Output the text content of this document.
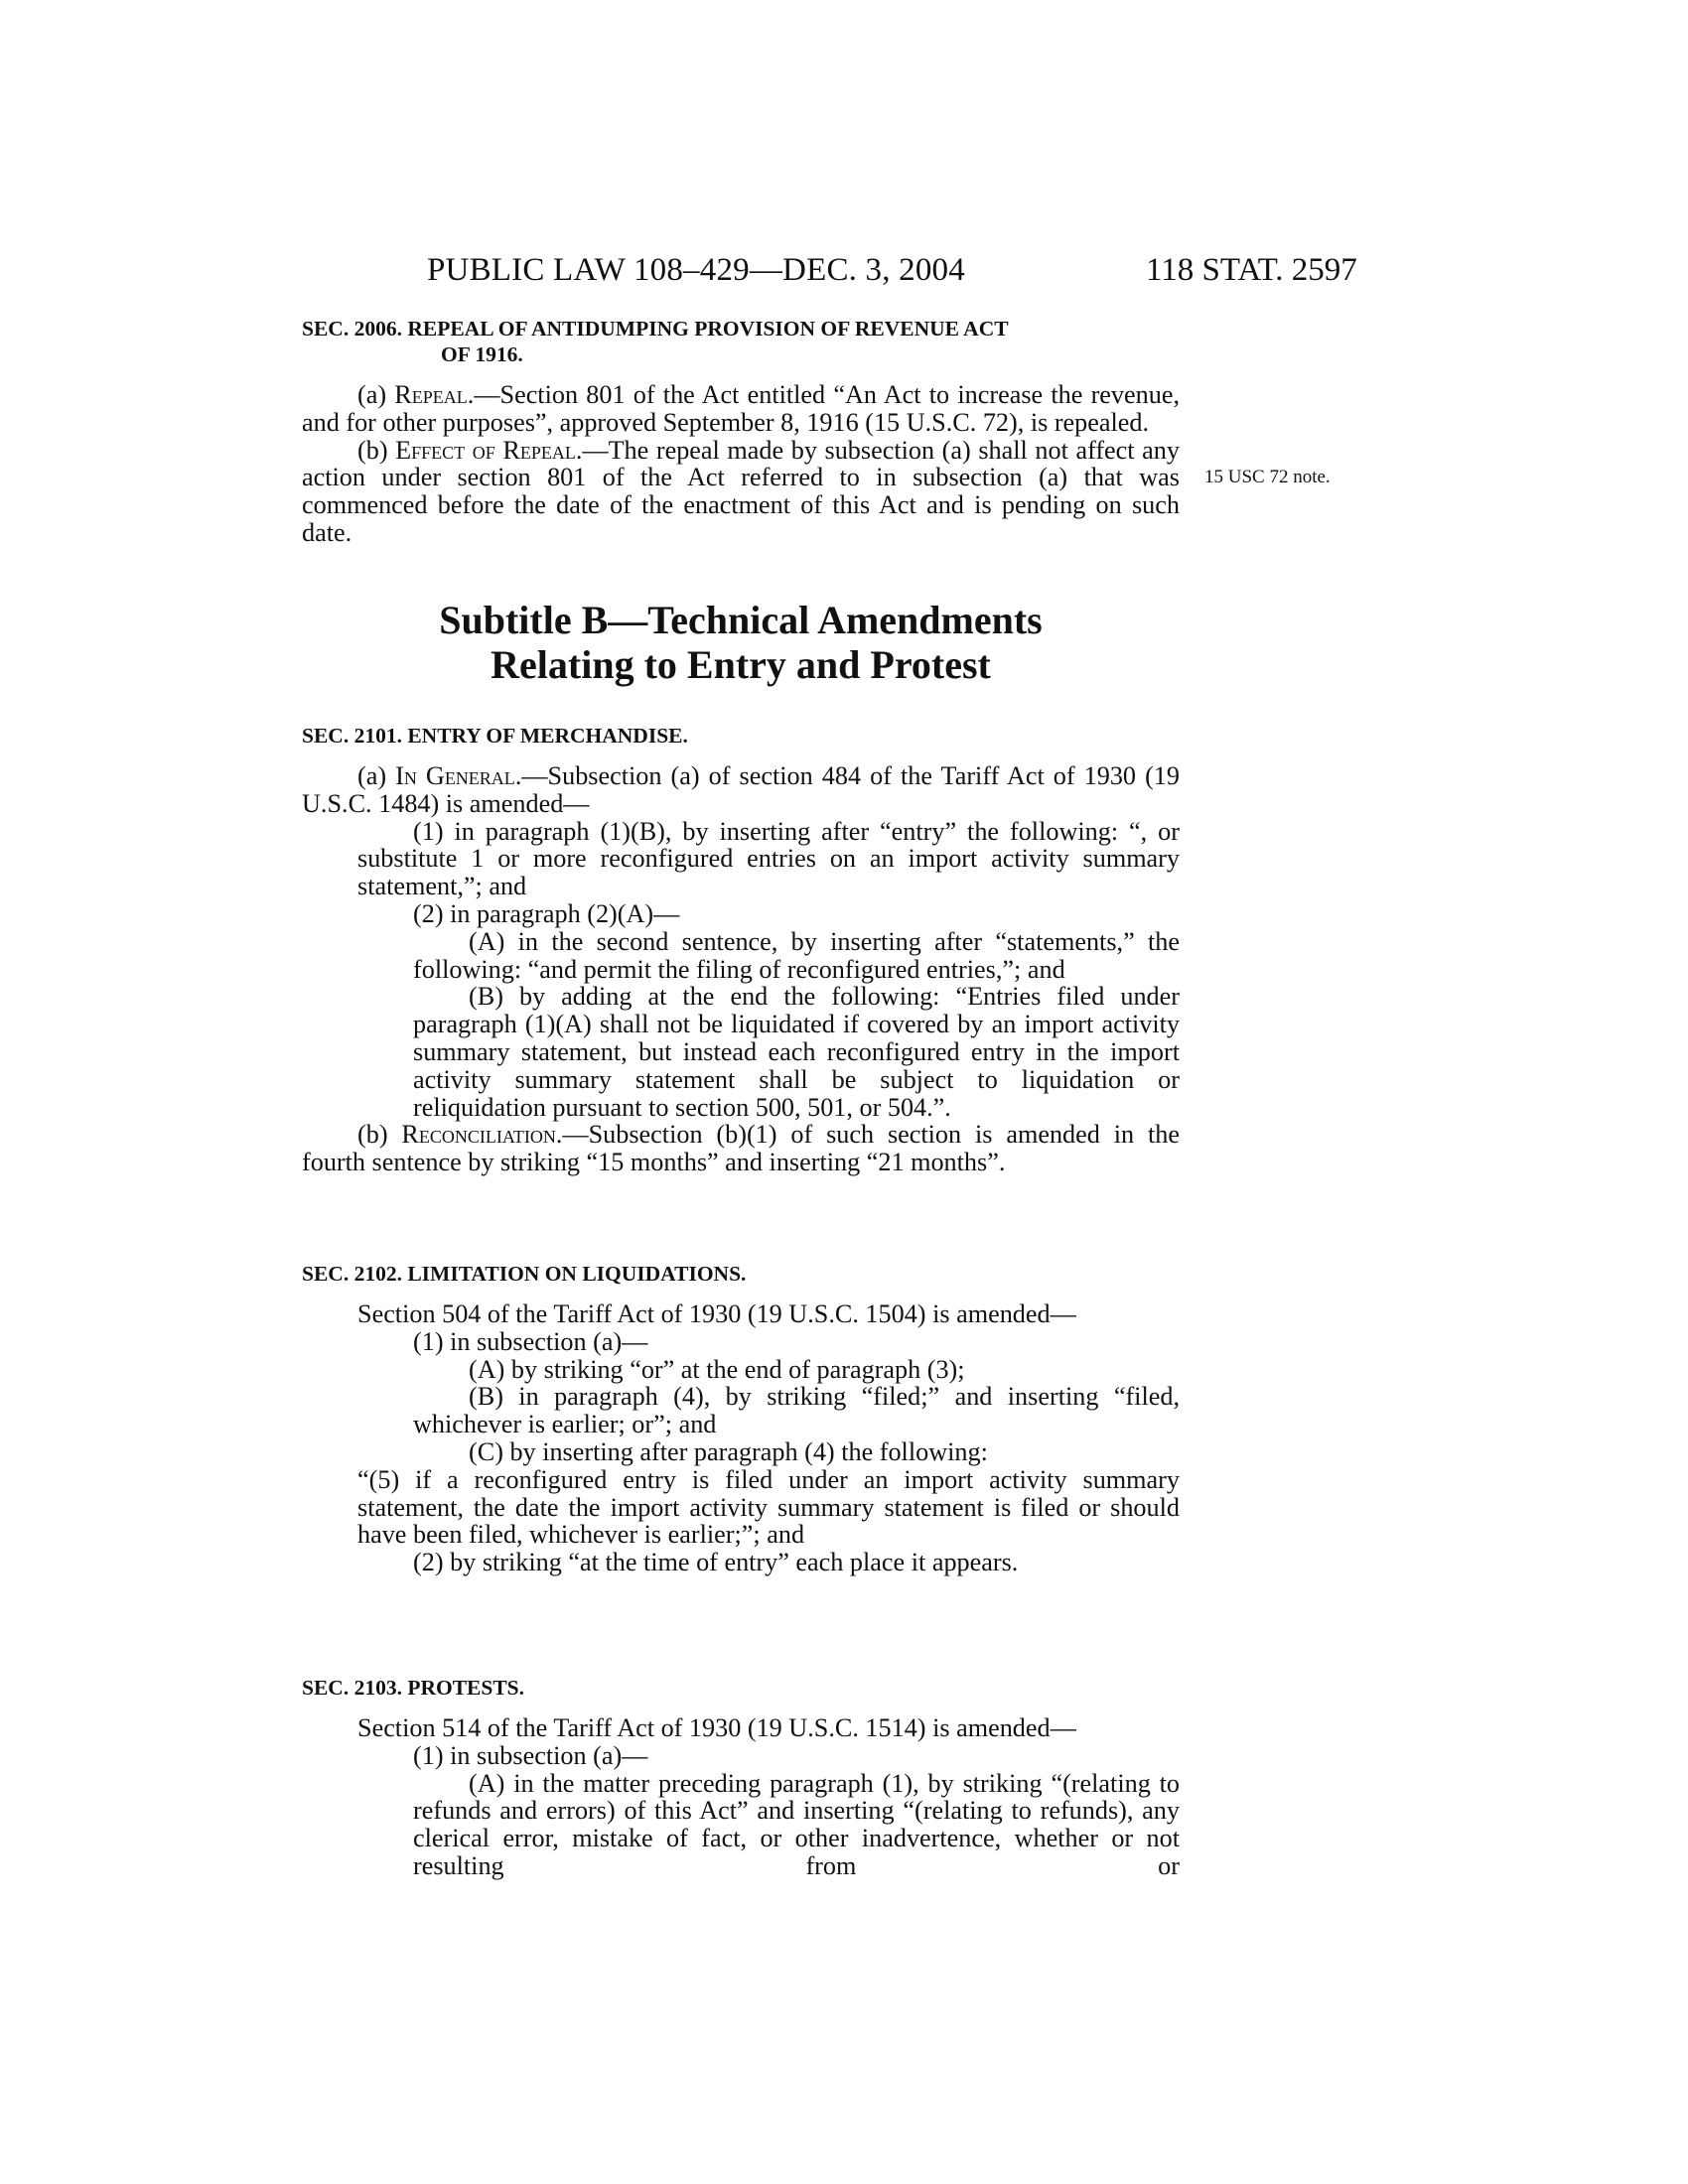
PUBLIC LAW 108–429—DEC. 3, 2004	118 STAT. 2597

SEC. 2006. REPEAL OF ANTIDUMPING PROVISION OF REVENUE ACT
OF 1916.

(a) Repeal.—Section 801 of the Act entitled “An Act to increase the revenue, and for other purposes”, approved September 8, 1916 (15 U.S.C. 72), is repealed.

(b) Effect of Repeal.—The repeal made by subsection (a) shall not affect any action under section 801 of the Act referred to in subsection (a) that was commenced before the date of the enactment of this Act and is pending on such date.

15 USC 72 note.
Subtitle B—Technical Amendments
Relating to Entry and Protest

SEC. 2101. ENTRY OF MERCHANDISE.

(a) In General.—Subsection (a) of section 484 of the Tariff Act of 1930 (19 U.S.C. 1484) is amended—

(1) in paragraph (1)(B), by inserting after “entry” the following: “, or substitute 1 or more reconfigured entries on an import activity summary statement,”; and

(2) in paragraph (2)(A)—

(A) in the second sentence, by inserting after “statements,” the following: “and permit the filing of reconfigured entries,”; and

(B) by adding at the end the following: “Entries filed under paragraph (1)(A) shall not be liquidated if covered by an import activity summary statement, but instead each reconfigured entry in the import activity summary statement shall be subject to liquidation or reliquidation pursuant to section 500, 501, or 504.”.

(b) Reconciliation.—Subsection (b)(1) of such section is amended in the fourth sentence by striking “15 months” and inserting “21 months”.

SEC. 2102. LIMITATION ON LIQUIDATIONS.

Section 504 of the Tariff Act of 1930 (19 U.S.C. 1504) is amended—

(1) in subsection (a)—

(A) by striking “or” at the end of paragraph (3);

(B) in paragraph (4), by striking “filed;” and inserting “filed, whichever is earlier; or”; and

(C) by inserting after paragraph (4) the following:

“(5) if a reconfigured entry is filed under an import activity summary statement, the date the import activity summary statement is filed or should have been filed, whichever is earlier;”; and

(2) by striking “at the time of entry” each place it appears.

SEC. 2103. PROTESTS.

Section 514 of the Tariff Act of 1930 (19 U.S.C. 1514) is amended—

(1) in subsection (a)—

(A) in the matter preceding paragraph (1), by striking “(relating to refunds and errors) of this Act” and inserting “(relating to refunds), any clerical error, mistake of fact, or other inadvertence, whether or not resulting from or
